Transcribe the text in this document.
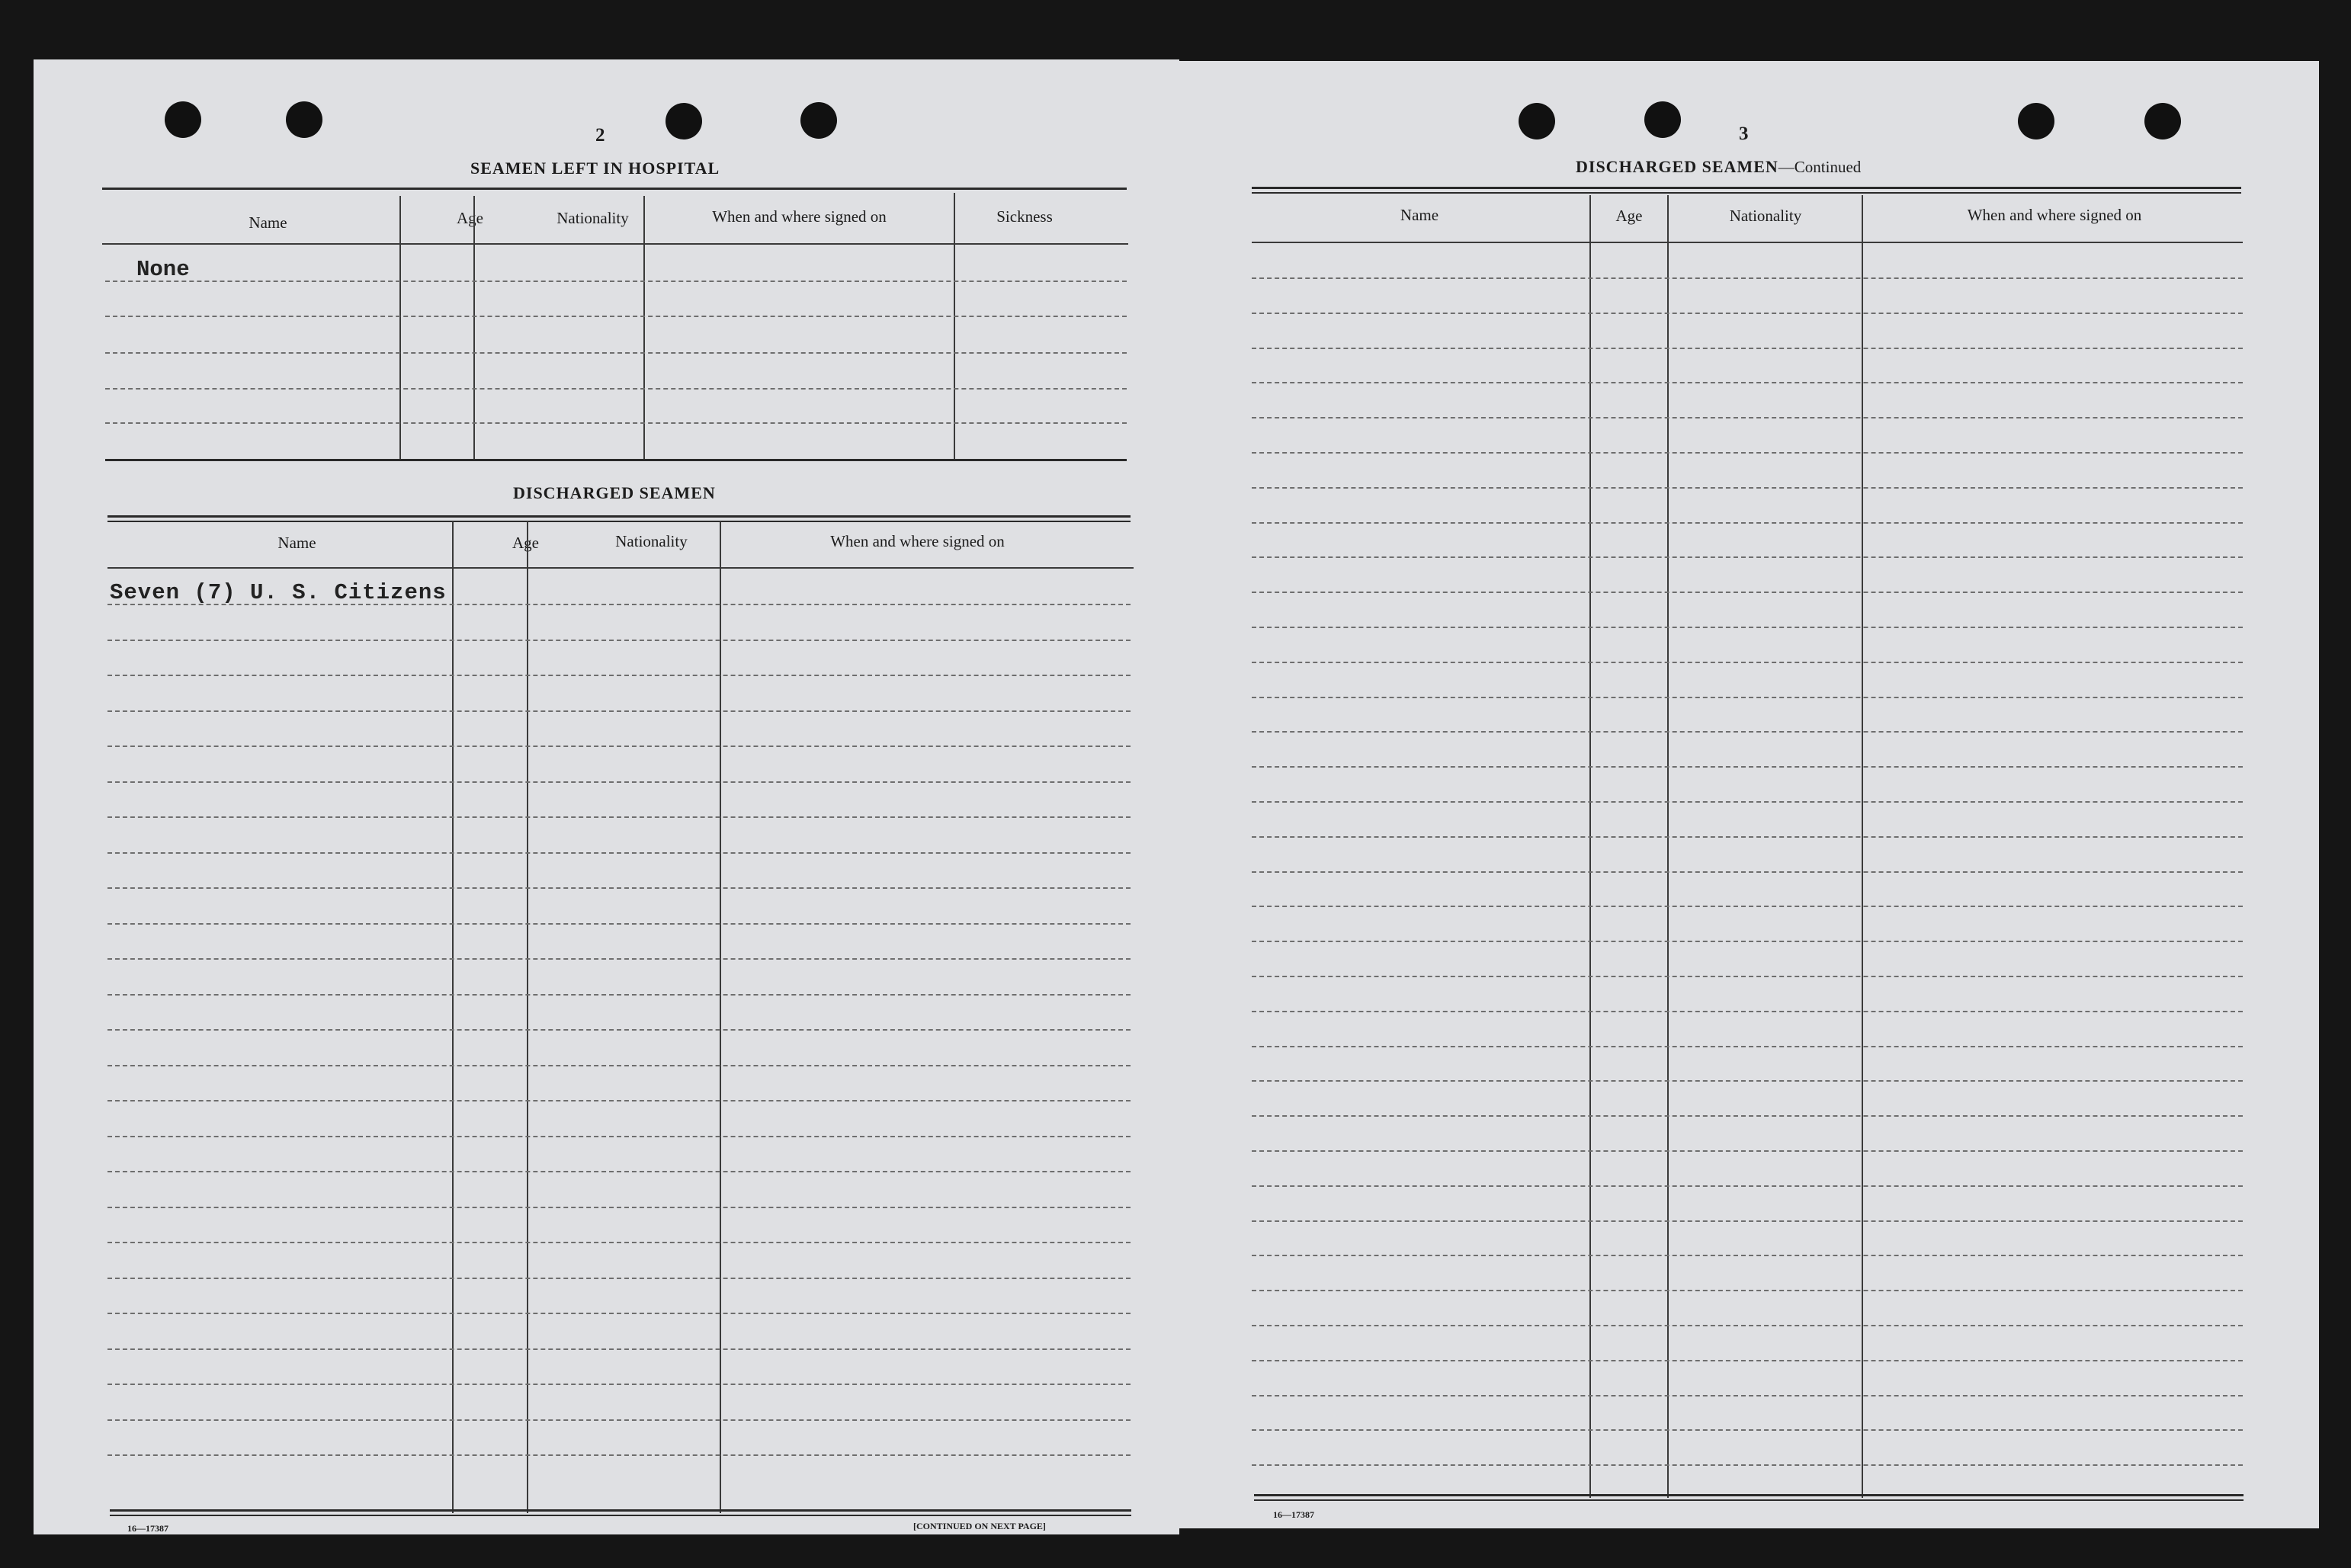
2
SEAMEN LEFT IN HOSPITAL
Name	Age	Nationality	When and where signed on	Sickness
None
DISCHARGED SEAMEN
Name	Age	Nationality	When and where signed on
Seven (7) U. S. Citizens
16—17387	[CONTINUED ON NEXT PAGE]
3
DISCHARGED SEAMEN—Continued
Name	Age	Nationality	When and where signed on
16—17387
